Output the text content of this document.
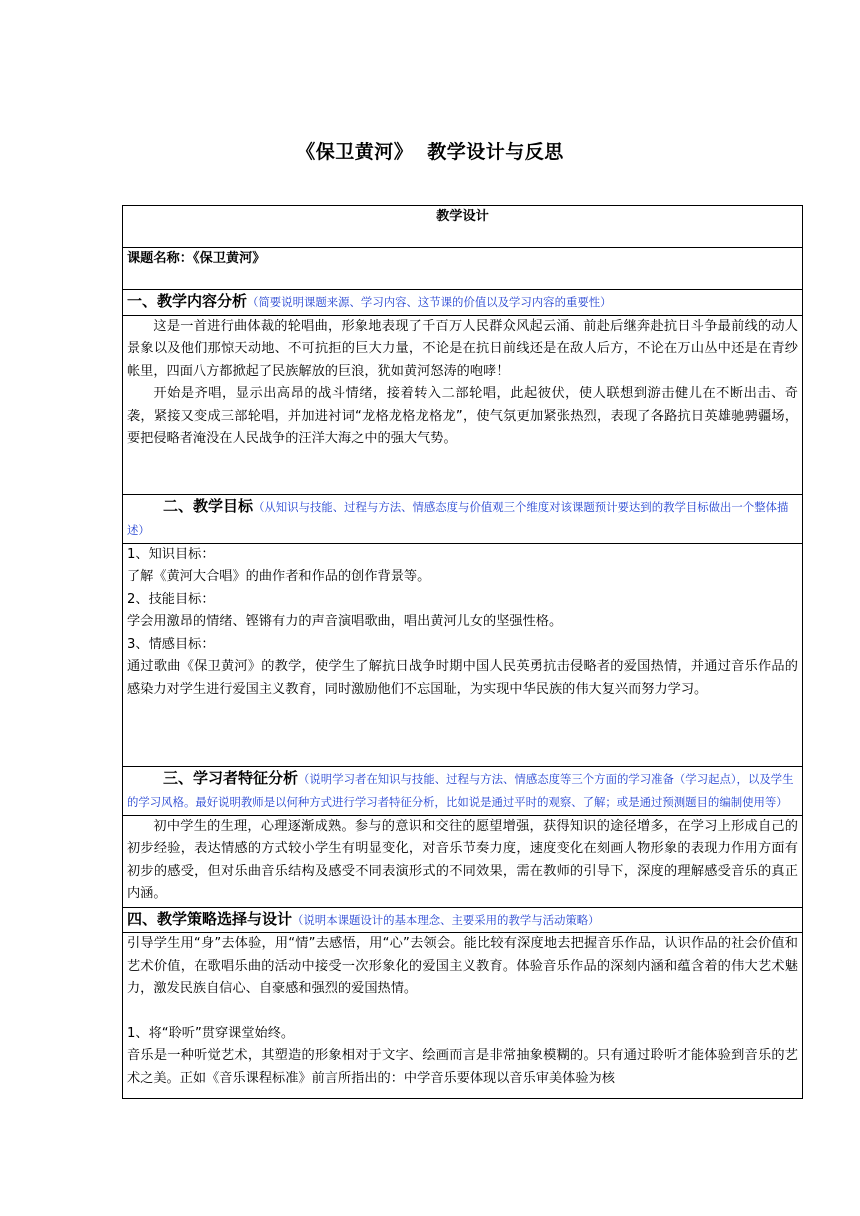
《保卫黄河》 教学设计与反思
教学设计
课题名称：《保卫黄河》
一、教学内容分析（简要说明课题来源、学习内容、这节课的价值以及学习内容的重要性）

这是一首进行曲体裁的轮唱曲，形象地表现了千百万人民群众风起云涌、前赴后继奔赴抗日斗争最前线的动人景象以及他们那惊天动地、不可抗拒的巨大力量，不论是在抗日前线还是在敌人后方，不论在万山丛中还是在青纱帐里，四面八方都掀起了民族解放的巨浪，犹如黄河怒涛的咆哮！

开始是齐唱，显示出高昂的战斗情绪，接着转入二部轮唱，此起彼伏，使人联想到游击健儿在不断出击、奇袭，紧接又变成三部轮唱，并加进衬词“龙格龙格龙格龙”，使气氛更加紧张热烈，表现了各路抗日英雄驰骋疆场，要把侵略者淹没在人民战争的汪洋大海之中的强大气势。

二、教学目标（从知识与技能、过程与方法、情感态度与价值观三个维度对该课题预计要达到的教学目标做出一个整体描述）

1、知识目标：

了解《黄河大合唱》的曲作者和作品的创作背景等。

2、技能目标：

学会用激昂的情绪、铿锵有力的声音演唱歌曲，唱出黄河儿女的坚强性格。

3、情感目标：

通过歌曲《保卫黄河》的教学，使学生了解抗日战争时期中国人民英勇抗击侵略者的爱国热情，并通过音乐作品的感染力对学生进行爱国主义教育，同时激励他们不忘国耻，为实现中华民族的伟大复兴而努力学习。

三、学习者特征分析（说明学习者在知识与技能、过程与方法、情感态度等三个方面的学习准备（学习起点），以及学生的学习风格。最好说明教师是以何种方式进行学习者特征分析，比如说是通过平时的观察、了解；或是通过预测题目的编制使用等）

初中学生的生理，心理逐渐成熟。参与的意识和交往的愿望增强，获得知识的途径增多，在学习上形成自己的初步经验，表达情感的方式较小学生有明显变化，对音乐节奏力度，速度变化在刻画人物形象的表现力作用方面有初步的感受，但对乐曲音乐结构及感受不同表演形式的不同效果，需在教师的引导下，深度的理解感受音乐的真正内涵。

四、教学策略选择与设计（说明本课题设计的基本理念、主要采用的教学与活动策略）

引导学生用“身”去体验，用“情”去感悟，用“心”去领会。能比较有深度地去把握音乐作品，认识作品的社会价值和艺术价值，在歌唱乐曲的活动中接受一次形象化的爱国主义教育。体验音乐作品的深刻内涵和蕴含着的伟大艺术魅力，激发民族自信心、自豪感和强烈的爱国热情。

1、将“聆听”贯穿课堂始终。

音乐是一种听觉艺术，其塑造的形象相对于文字、绘画而言是非常抽象模糊的。只有通过聆听才能体验到音乐的艺术之美。正如《音乐课程标准》前言所指出的：中学音乐要体现以音乐审美体验为核
